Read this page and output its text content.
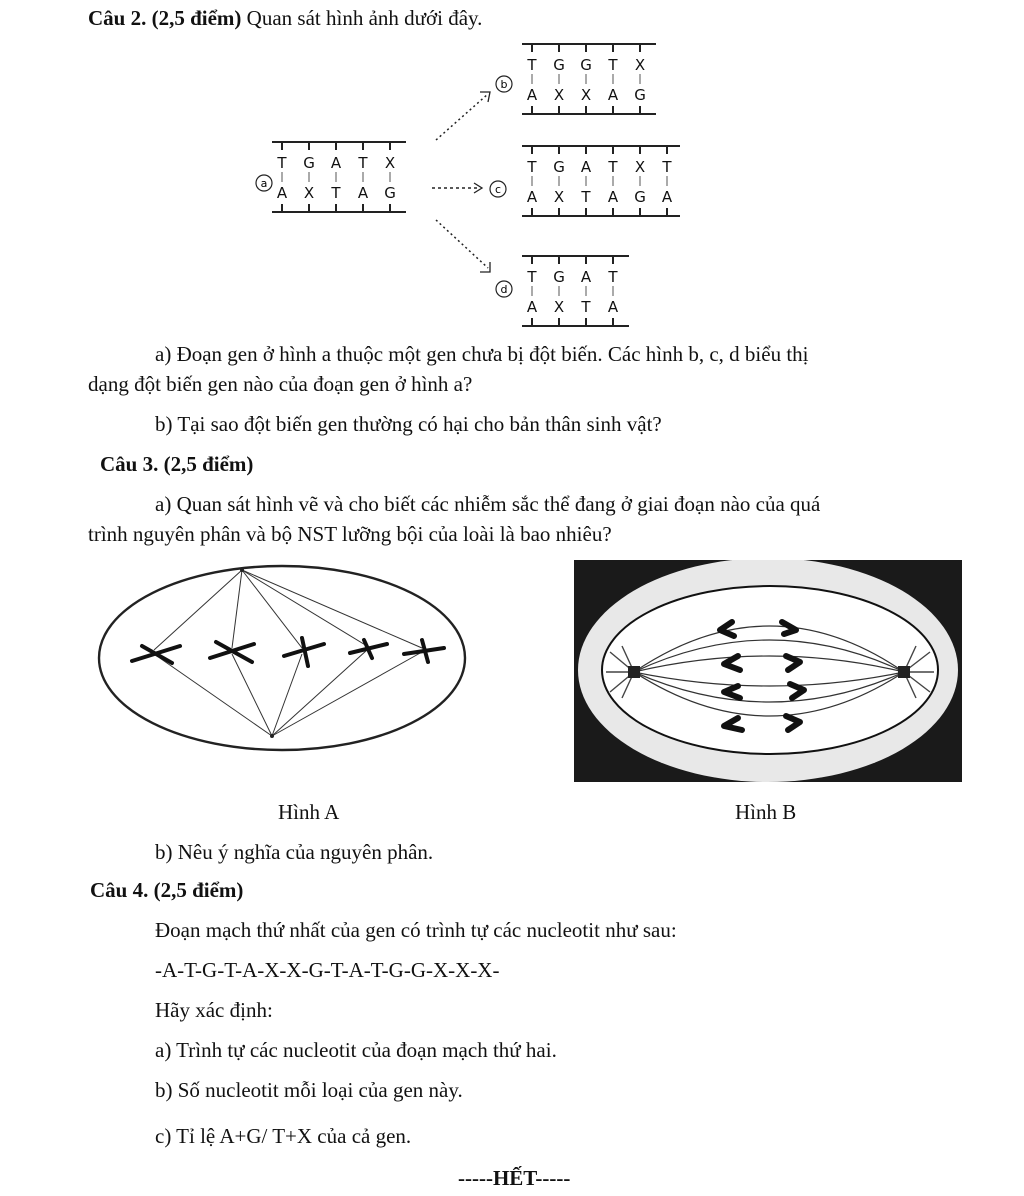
Câu 2. (2,5 điểm) Quan sát hình ảnh dưới đây.
T
A
G
X
A
T
T
A
X
G
T
A
G
X
G
X
T
A
X
G
T
A
G
X
A
T
T
A
X
G
T
A
T
A
G
X
A
T
T
A
a
b
c
d
a) Đoạn gen ở hình a thuộc một gen chưa bị đột biến. Các hình b, c, d biểu thị
dạng đột biến gen nào của đoạn gen ở hình a?
b) Tại sao đột biến gen thường có hại cho bản thân sinh vật?
Câu 3. (2,5 điểm)
a) Quan sát hình vẽ và cho biết các nhiễm sắc thể đang ở giai đoạn nào của quá
trình nguyên phân và bộ NST lưỡng bội của loài là bao nhiêu?
Hình A	Hình B
b) Nêu ý nghĩa của nguyên phân.
Câu 4. (2,5 điểm)
Đoạn mạch thứ nhất của gen có trình tự các nucleotit như sau:
-A-T-G-T-A-X-X-G-T-A-T-G-G-X-X-X-
Hãy xác định:
a) Trình tự các nucleotit của đoạn mạch thứ hai.
b) Số nucleotit mỗi loại của gen này.
c) Tỉ lệ A+G/ T+X của cả gen.
-----HẾT-----
